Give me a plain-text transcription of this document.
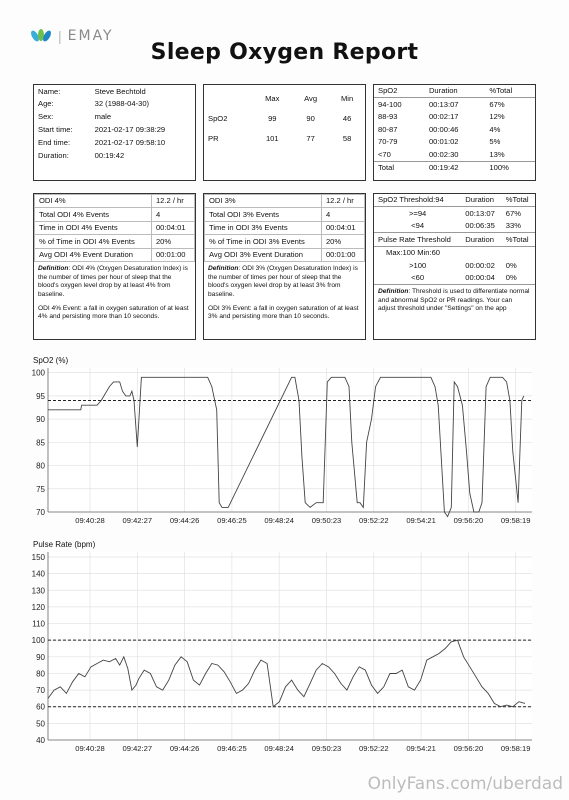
| EMAY
Sleep Oxygen Report
Name:	Steve Bechtold
Age:	32 (1988-04-30)
Sex:	male
Start time:	2021-02-17 09:38:29
End time:	2021-02-17 09:58:10
Duration:	00:19:42
	Max	Avg	Min
SpO2	99	90	46
PR	101	77	58
SpO2	Duration	%Total
94-100	00:13:07	67%
88-93	00:02:17	12%
80-87	00:00:46	4%
70-79	00:01:02	5%
<70	00:02:30	13%
Total	00:19:42	100%
ODI 4%	12.2 / hr
Total ODI 4% Events	4
Time in ODI 4% Events	00:04:01
% of Time in ODI 4% Events	20%
Avg ODI 4% Event Duration	00:01:00

Definition: ODI 4% (Oxygen Desaturation Index) is the number of times per hour of sleep that the blood's oxygen level drop by at least 4% from baseline.

ODI 4% Event: a fall in oxygen saturation of at least 4% and persisting more than 10 seconds.

ODI 3%	12.2 / hr
Total ODI 3% Events	4
Time in ODI 3% Events	00:04:01
% of Time in ODI 3% Events	20%
Avg ODI 3% Event Duration	00:01:00

Definition: ODI 3% (Oxygen Desaturation Index) is the number of times per hour of sleep that the blood's oxygen level drop by at least 3% from baseline.

ODI 3% Event: a fall in oxygen saturation of at least 3% and persisting more than 10 seconds.

SpO2 Threshold:94	Duration	%Total
>=94	00:13:07	67%
<94	00:06:35	33%
Pulse Rate Threshold	Duration	%Total
Max:100 Min:60		
>100	00:00:02	0%
<60	00:00:04	0%

Definition: Threshold is used to differentiate normal and abnormal SpO2 or PR readings. Your can adjust threshold under "Settings" on the app

SpO2 (%)
70
75
80
85
90
95
100
09:40:28 09:42:27 09:44:26 09:46:25 09:48:24 09:50:23 09:52:22 09:54:21 09:56:20 09:58:19
Pulse Rate (bpm)
40
50
60
70
80
90
100
110
120
130
140
150
09:40:28 09:42:27 09:44:26 09:46:25 09:48:24 09:50:23 09:52:22 09:54:21 09:56:20 09:58:19
OnlyFans.com/uberdad
